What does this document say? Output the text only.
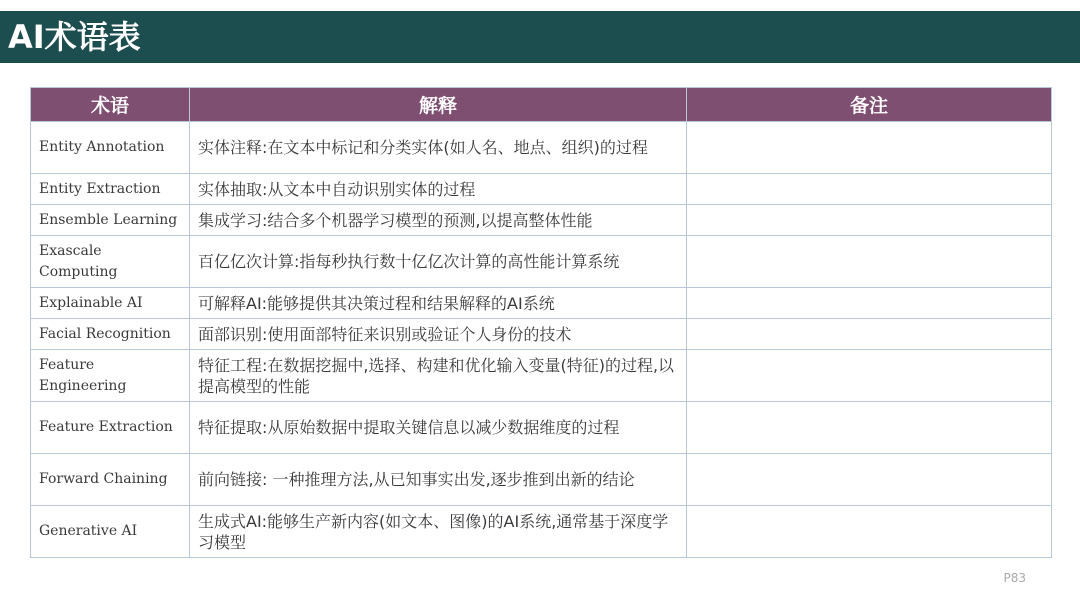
AI术语表
术语	解释	备注
Entity Annotation	实体注释:在文本中标记和分类实体(如人名、地点、组织)的过程	
Entity Extraction	实体抽取:从文本中自动识别实体的过程	
Ensemble Learning	集成学习:结合多个机器学习模型的预测,以提高整体性能	
Exascale Computing	百亿亿次计算:指每秒执行数十亿亿次计算的高性能计算系统	
Explainable AI	可解释AI:能够提供其决策过程和结果解释的AI系统	
Facial Recognition	面部识别:使用面部特征来识别或验证个人身份的技术	
Feature Engineering	特征工程:在数据挖掘中,选择、构建和优化输入变量(特征)的过程,以提高模型的性能	
Feature Extraction	特征提取:从原始数据中提取关键信息以减少数据维度的过程	
Forward Chaining	前向链接: 一种推理方法,从已知事实出发,逐步推到出新的结论	
Generative AI	生成式AI:能够生产新内容(如文本、图像)的AI系统,通常基于深度学习模型	
P83
